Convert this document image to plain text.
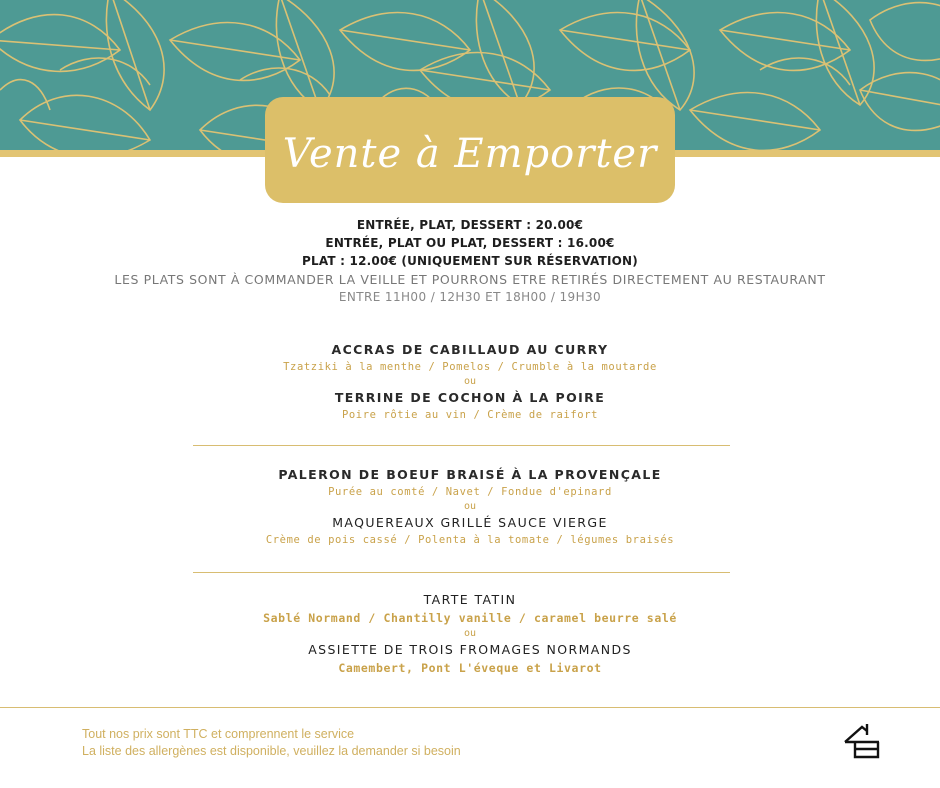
Vente à Emporter
ENTRÉE, PLAT, DESSERT : 20.00€
ENTRÉE, PLAT OU PLAT, DESSERT : 16.00€
PLAT : 12.00€ (UNIQUEMENT SUR RÉSERVATION)
LES PLATS SONT À COMMANDER LA VEILLE ET POURRONS ETRE RETIRÉS DIRECTEMENT AU RESTAURANT
ENTRE 11H00 / 12H30 ET 18H00 / 19H30
ACCRAS DE CABILLAUD AU CURRY
Tzatziki à la menthe / Pomelos / Crumble à la moutarde
ou
TERRINE DE COCHON À LA POIRE
Poire rôtie au vin / Crème de raifort
PALERON DE BOEUF BRAISÉ À LA PROVENÇALE
Purée au comté / Navet / Fondue d'epinard
ou
MAQUEREAUX GRILLÉ SAUCE VIERGE
Crème de pois cassé / Polenta à la tomate / légumes braisés
TARTE TATIN
Sablé Normand / Chantilly vanille / caramel beurre salé
ou
ASSIETTE DE TROIS FROMAGES NORMANDS
Camembert, Pont L'éveque et Livarot
Tout nos prix sont TTC et comprennent le service
La liste des allergènes est disponible, veuillez la demander si besoin
